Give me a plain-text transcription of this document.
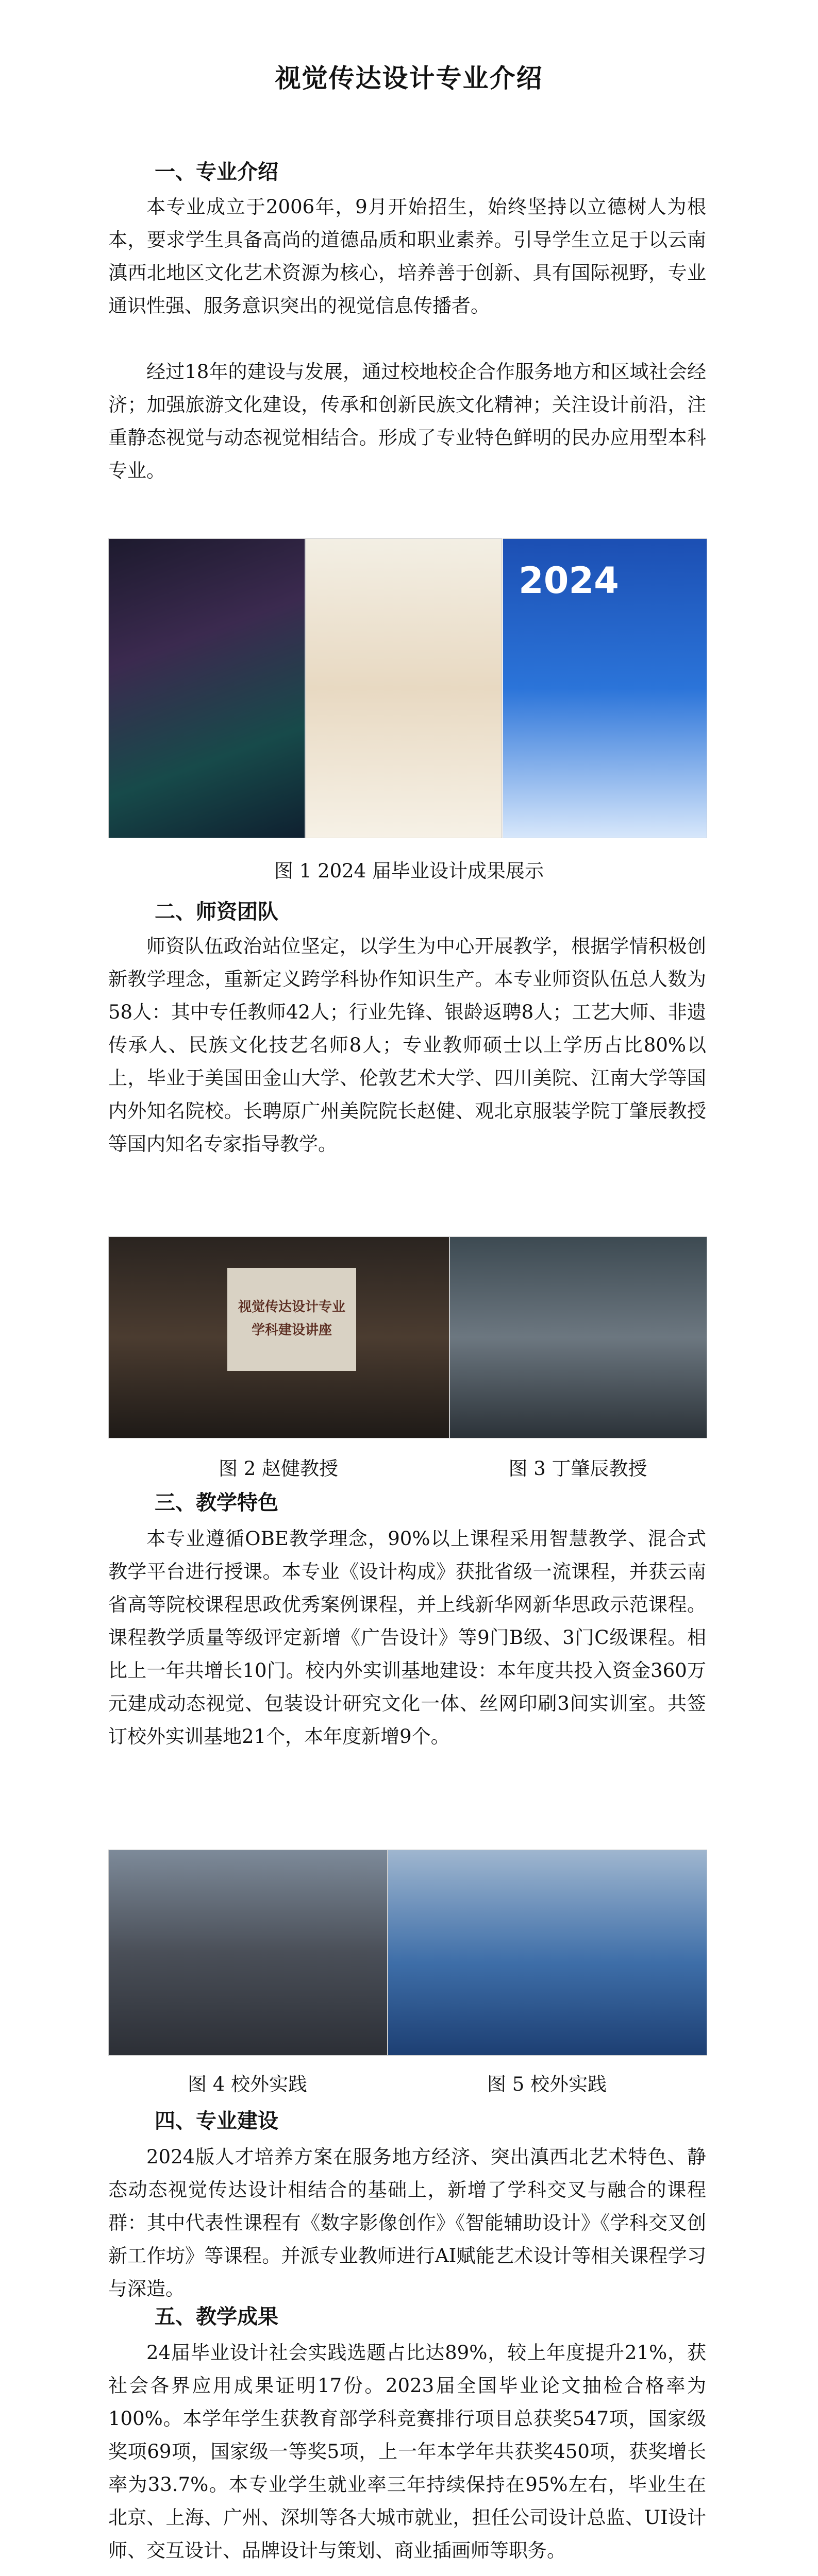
视觉传达设计专业介绍
一、专业介绍

本专业成立于2006年，9月开始招生，始终坚持以立德树人为根本，要求学生具备高尚的道德品质和职业素养。引导学生立足于以云南滇西北地区文化艺术资源为核心，培养善于创新、具有国际视野，专业通识性强、服务意识突出的视觉信息传播者。

经过18年的建设与发展，通过校地校企合作服务地方和区域社会经济；加强旅游文化建设，传承和创新民族文化精神；关注设计前沿，注重静态视觉与动态视觉相结合。形成了专业特色鲜明的民办应用型本科专业。

2024
图 1 2024 届毕业设计成果展示
二、师资团队

师资队伍政治站位坚定，以学生为中心开展教学，根据学情积极创新教学理念，重新定义跨学科协作知识生产。本专业师资队伍总人数为58人：其中专任教师42人；行业先锋、银龄返聘8人；工艺大师、非遗传承人、民族文化技艺名师8人；专业教师硕士以上学历占比80%以上，毕业于美国田金山大学、伦敦艺术大学、四川美院、江南大学等国内外知名院校。长聘原广州美院院长赵健、观北京服装学院丁肇辰教授等国内知名专家指导教学。

视觉传达设计专业
学科建设讲座
图 2 赵健教授	图 3 丁肇辰教授
三、教学特色

本专业遵循OBE教学理念，90%以上课程采用智慧教学、混合式教学平台进行授课。本专业《设计构成》获批省级一流课程，并获云南省高等院校课程思政优秀案例课程，并上线新华网新华思政示范课程。课程教学质量等级评定新增《广告设计》等9门B级、3门C级课程。相比上一年共增长10门。校内外实训基地建设：本年度共投入资金360万元建成动态视觉、包装设计研究文化一体、丝网印刷3间实训室。共签订校外实训基地21个，本年度新增9个。

图 4 校外实践	图 5 校外实践
四、专业建设

2024版人才培养方案在服务地方经济、突出滇西北艺术特色、静态动态视觉传达设计相结合的基础上，新增了学科交叉与融合的课程群：其中代表性课程有《数字影像创作》《智能辅助设计》《学科交叉创新工作坊》等课程。并派专业教师进行AI赋能艺术设计等相关课程学习与深造。

五、教学成果

24届毕业设计社会实践选题占比达89%，较上年度提升21%，获社会各界应用成果证明17份。2023届全国毕业论文抽检合格率为100%。本学年学生获教育部学科竞赛排行项目总获奖547项，国家级奖项69项，国家级一等奖5项，上一年本学年共获奖450项，获奖增长率为33.7%。本专业学生就业率三年持续保持在95%左右，毕业生在北京、上海、广州、深圳等各大城市就业，担任公司设计总监、UI设计师、交互设计、品牌设计与策划、商业插画师等职务。
